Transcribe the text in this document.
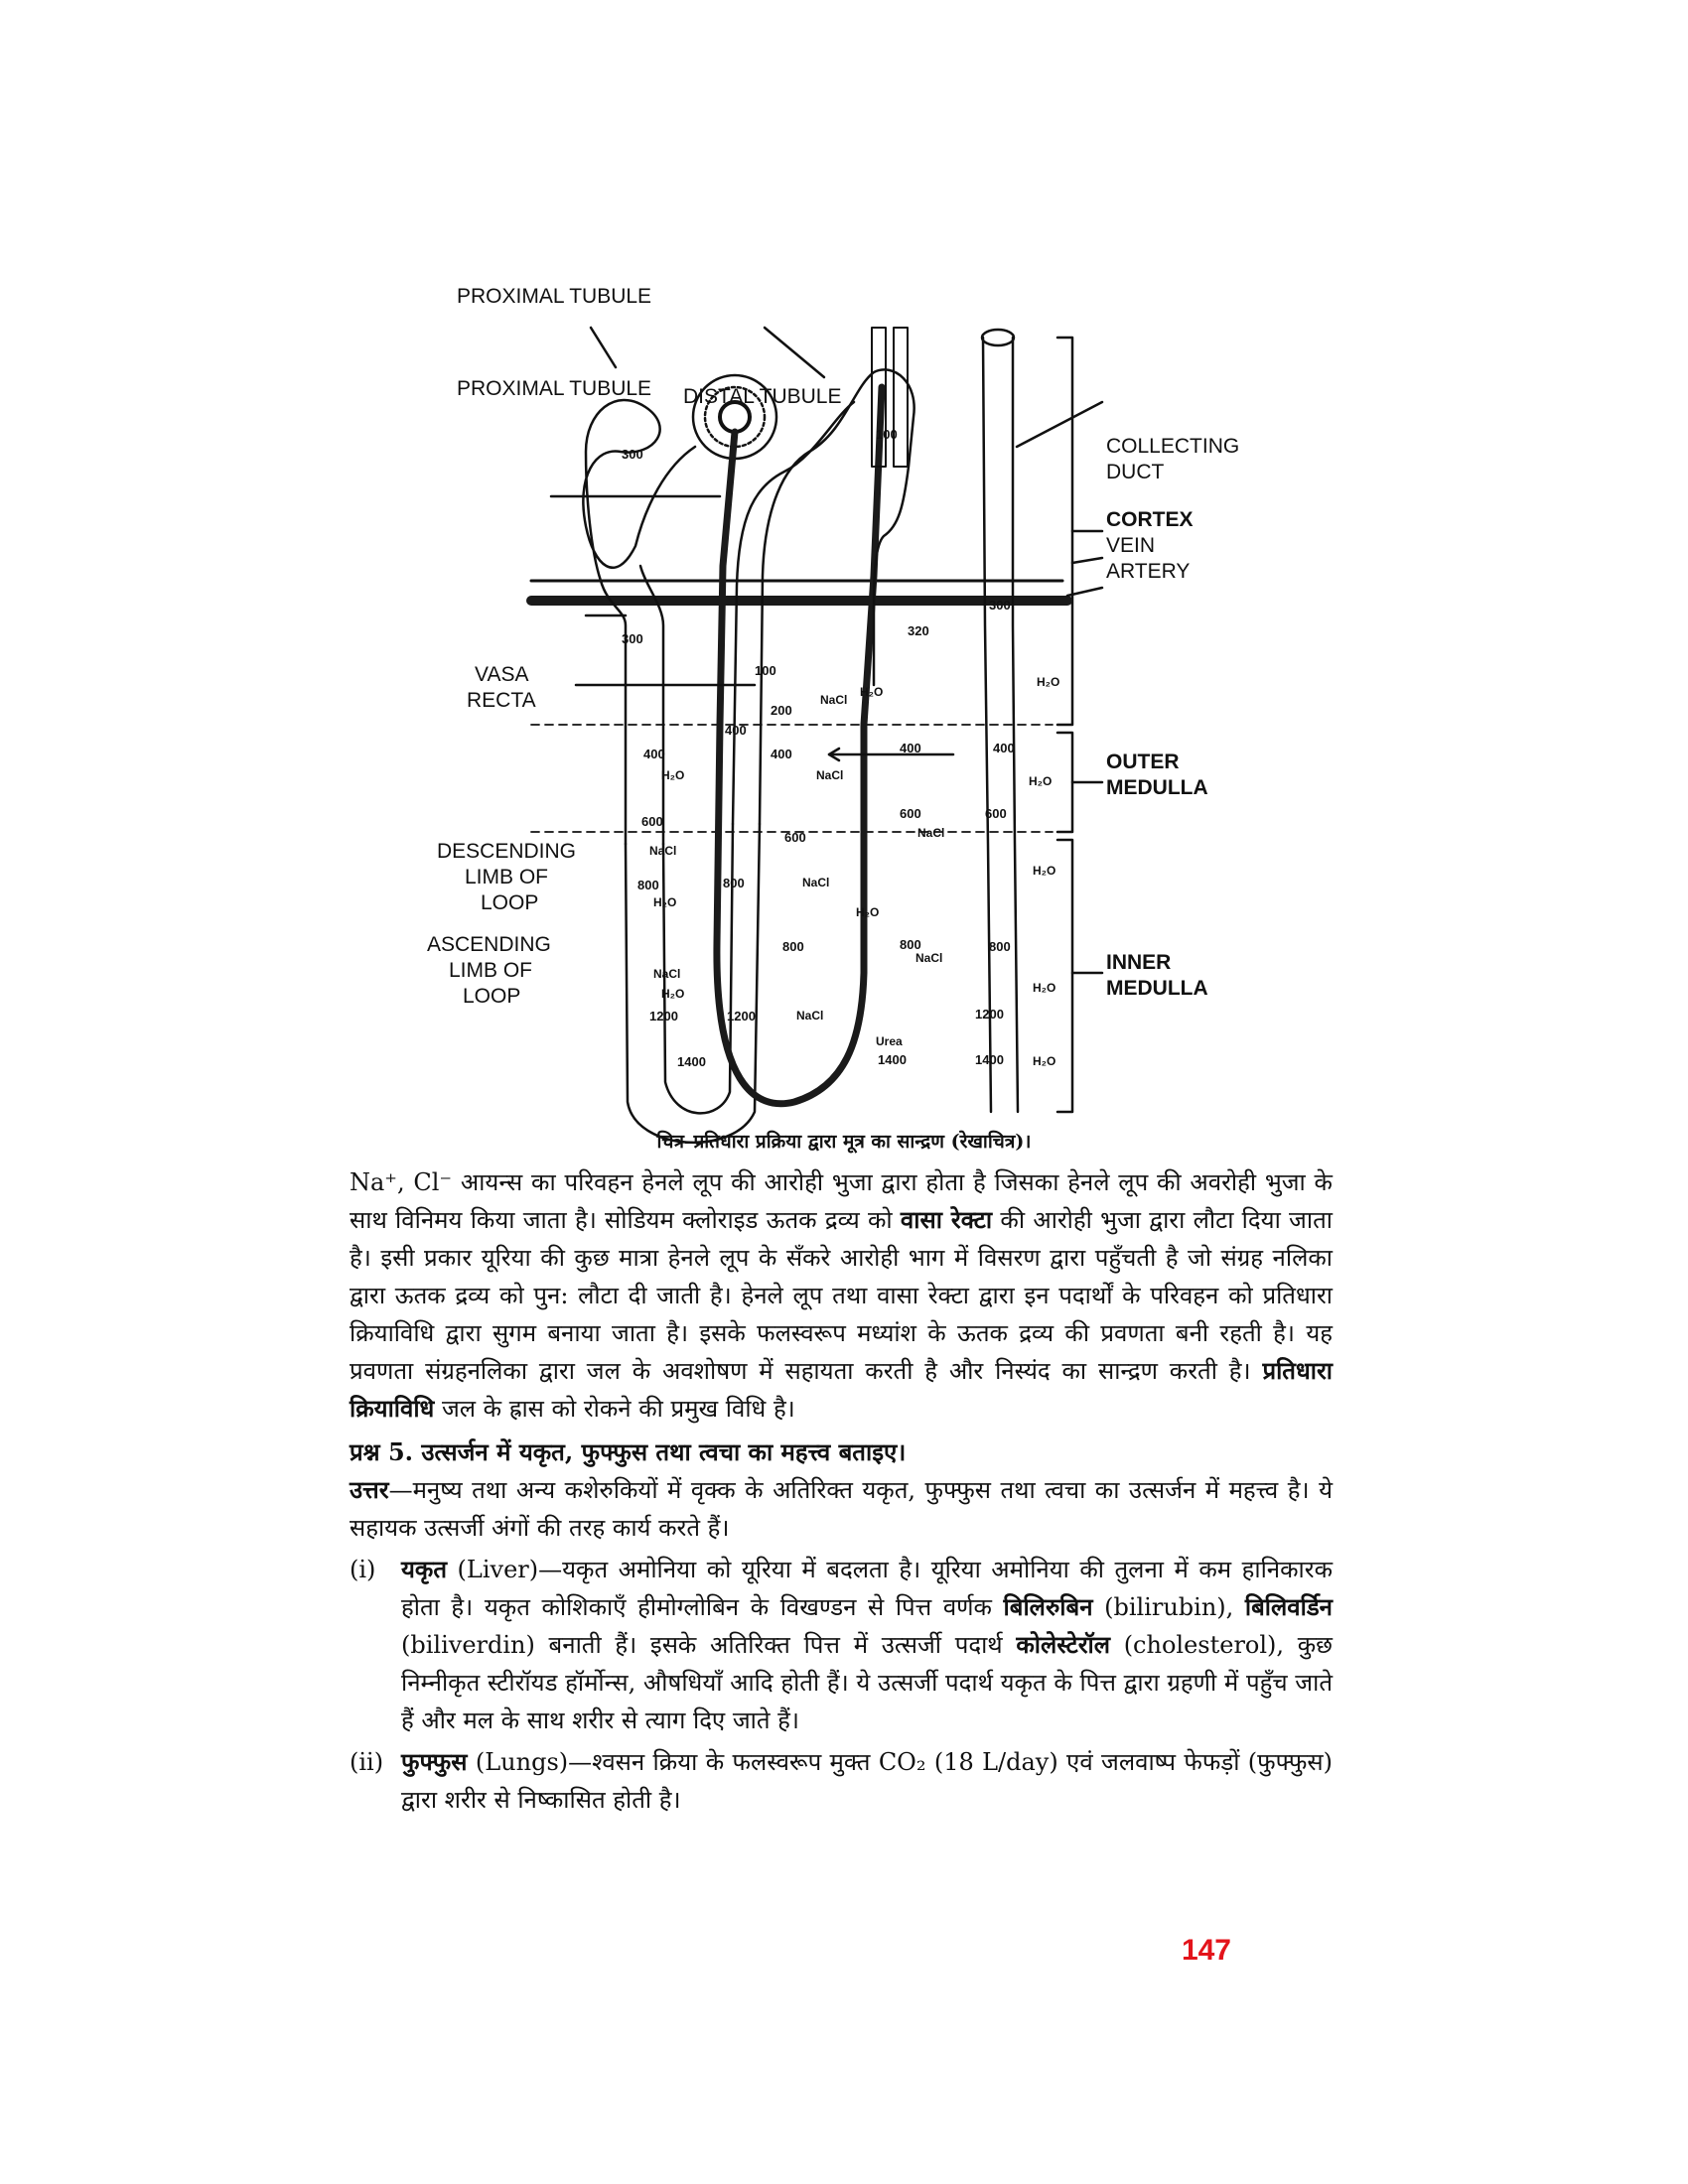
PROXIMAL TUBULE
PROXIMAL TUBULE DISTAL TUBULE
COLLECTING
DUCT
CORTEX
VEIN
ARTERY
VASA
RECTA
OUTER
MEDULLA
DESCENDING
LIMB OF
LOOP
ASCENDING
LIMB OF
LOOP
INNER
MEDULLA
300
100
300
300
320
100
200
400
400	400	400	400
600
600
600	600
800	800
800	800	800
1200	1200	1200
1400	1400	1400
H₂O
NaCl
H₂O
H₂O	NaCl	H₂O
NaCl
NaCl
H₂O
NaCl
H₂O
H₂O
NaCl
NaCl
H₂O	H₂O
NaCl
Urea
H₂O
चित्र–प्रतिधारा प्रक्रिया द्वारा मूत्र का सान्द्रण (रेखाचित्र)।

Na⁺, Cl⁻ आयन्स का परिवहन हेनले लूप की आरोही भुजा द्वारा होता है जिसका हेनले लूप की अवरोही भुजा के साथ विनिमय किया जाता है। सोडियम क्लोराइड ऊतक द्रव्य को वासा रेक्टा की आरोही भुजा द्वारा लौटा दिया जाता है। इसी प्रकार यूरिया की कुछ मात्रा हेनले लूप के सँकरे आरोही भाग में विसरण द्वारा पहुँचती है जो संग्रह नलिका द्वारा ऊतक द्रव्य को पुन: लौटा दी जाती है। हेनले लूप तथा वासा रेक्टा द्वारा इन पदार्थों के परिवहन को प्रतिधारा क्रियाविधि द्वारा सुगम बनाया जाता है। इसके फलस्वरूप मध्यांश के ऊतक द्रव्य की प्रवणता बनी रहती है। यह प्रवणता संग्रहनलिका द्वारा जल के अवशोषण में सहायता करती है और निस्यंद का सान्द्रण करती है। प्रतिधारा क्रियाविधि जल के ह्रास को रोकने की प्रमुख विधि है।

प्रश्न 5. उत्सर्जन में यकृत, फुफ्फुस तथा त्वचा का महत्त्व बताइए।

उत्तर—मनुष्य तथा अन्य कशेरुकियों में वृक्क के अतिरिक्त यकृत, फुफ्फुस तथा त्वचा का उत्सर्जन में महत्त्व है। ये सहायक उत्सर्जी अंगों की तरह कार्य करते हैं।

(i)	यकृत (Liver)—यकृत अमोनिया को यूरिया में बदलता है। यूरिया अमोनिया की तुलना में कम हानिकारक होता है। यकृत कोशिकाएँ हीमोग्लोबिन के विखण्डन से पित्त वर्णक बिलिरुबिन (bilirubin), बिलिवर्डिन (biliverdin) बनाती हैं। इसके अतिरिक्त पित्त में उत्सर्जी पदार्थ कोलेस्टेरॉल (cholesterol), कुछ निम्नीकृत स्टीरॉयड हॉर्मोन्स, औषधियाँ आदि होती हैं। ये उत्सर्जी पदार्थ यकृत के पित्त द्वारा ग्रहणी में पहुँच जाते हैं और मल के साथ शरीर से त्याग दिए जाते हैं।

(ii) फुफ्फुस (Lungs)—श्वसन क्रिया के फलस्वरूप मुक्त CO₂ (18 L/day) एवं जलवाष्प फेफड़ों (फुफ्फुस) द्वारा शरीर से निष्कासित होती है।

147
